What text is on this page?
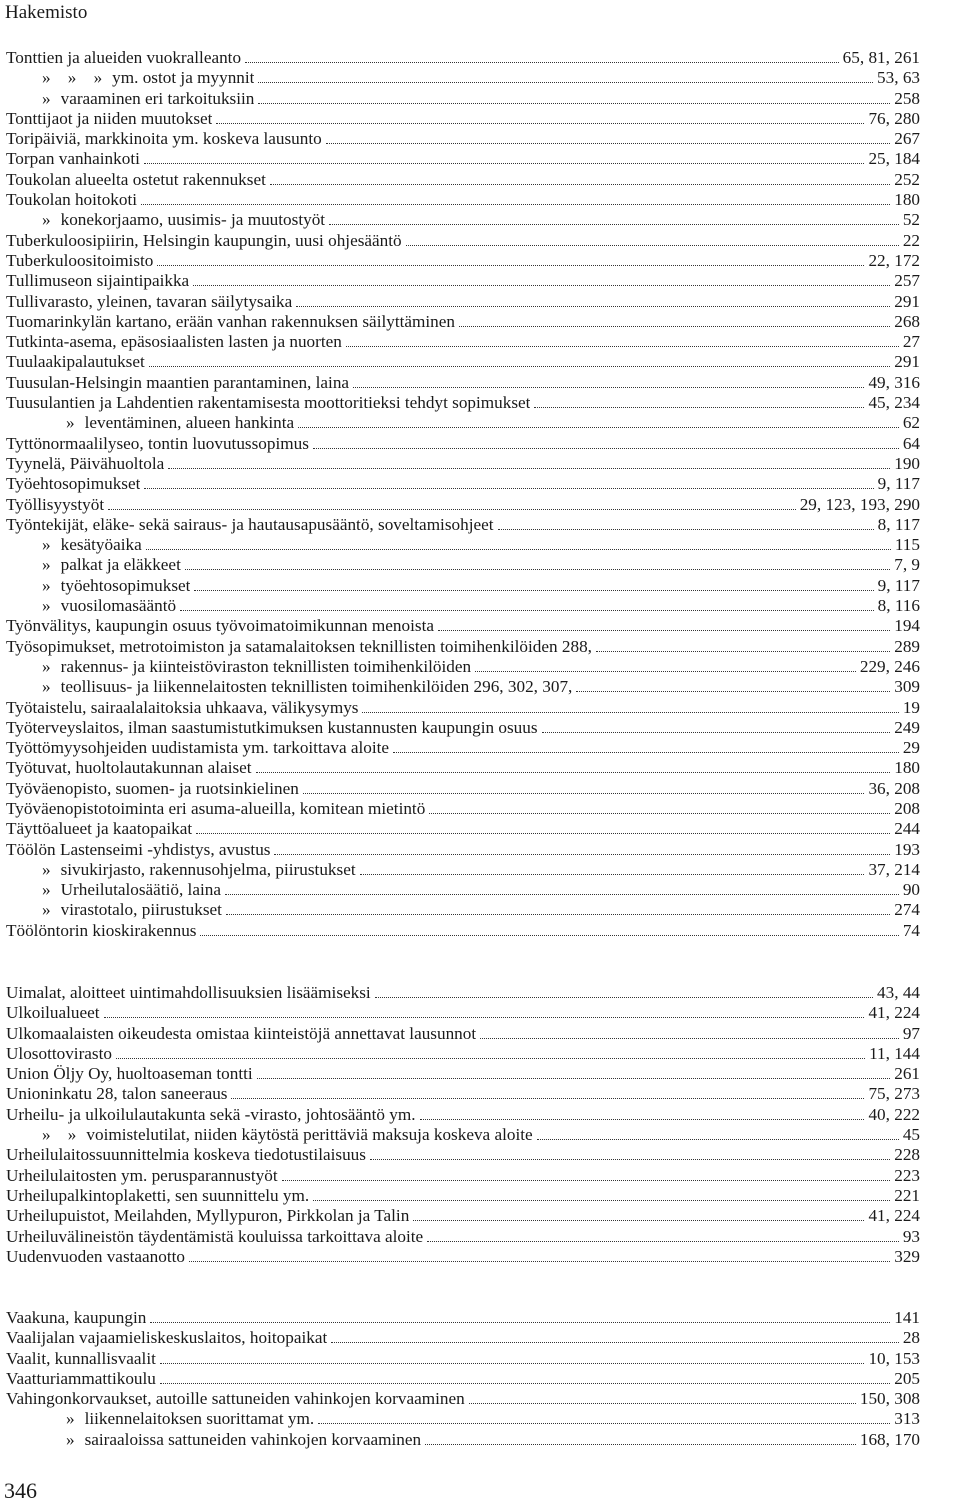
Hakemisto
Tonttien ja alueiden vuokralleanto	65, 81, 261
»    »    » ym. ostot ja myynnit	53, 63
» varaaminen eri tarkoituksiin	258
Tonttijaot ja niiden muutokset	76, 280
Toripäiviä, markkinoita ym. koskeva lausunto	267
Torpan vanhainkoti	25, 184
Toukolan alueelta ostetut rakennukset	252
Toukolan hoitokoti	180
» konekorjaamo, uusimis- ja muutostyöt	52
Tuberkuloosipiirin, Helsingin kaupungin, uusi ohjesääntö	22
Tuberkuloositoimisto	22, 172
Tullimuseon sijaintipaikka	257
Tullivarasto, yleinen, tavaran säilytysaika	291
Tuomarinkylän kartano, erään vanhan rakennuksen säilyttäminen	268
Tutkinta-asema, epäsosiaalisten lasten ja nuorten	27
Tuulaakipalautukset	291
Tuusulan-Helsingin maantien parantaminen, laina	49, 316
Tuusulantien ja Lahdentien rakentamisesta moottoritieksi tehdyt sopimukset	45, 234
» leventäminen, alueen hankinta	62
Tyttönormaalilyseo, tontin luovutussopimus	64
Tyynelä, Päivähuoltola	190
Työehtosopimukset	9, 117
Työllisyystyöt	29, 123, 193, 290
Työntekijät, eläke- sekä sairaus- ja hautausapusääntö, soveltamisohjeet	8, 117
» kesätyöaika	115
» palkat ja eläkkeet	7, 9
» työehtosopimukset	9, 117
» vuosilomasääntö	8, 116
Työnvälitys, kaupungin osuus työvoimatoimikunnan menoista	194
Työsopimukset, metrotoimiston ja satamalaitoksen teknillisten toimihenkilöiden 288,	289
» rakennus- ja kiinteistöviraston teknillisten toimihenkilöiden	229, 246
» teollisuus- ja liikennelaitosten teknillisten toimihenkilöiden 296, 302, 307,	309
Työtaistelu, sairaalalaitoksia uhkaava, välikysymys	19
Työterveyslaitos, ilman saastumistutkimuksen kustannusten kaupungin osuus	249
Työttömyysohjeiden uudistamista ym. tarkoittava aloite	29
Työtuvat, huoltolautakunnan alaiset	180
Työväenopisto, suomen- ja ruotsinkielinen	36, 208
Työväenopistotoiminta eri asuma-alueilla, komitean mietintö	208
Täyttöalueet ja kaatopaikat	244
Töölön Lastenseimi -yhdistys, avustus	193
» sivukirjasto, rakennusohjelma, piirustukset	37, 214
» Urheilutalosäätiö, laina	90
» virastotalo, piirustukset	274
Töölöntorin kioskirakennus	74
Uimalat, aloitteet uintimahdollisuuksien lisäämiseksi	43, 44
Ulkoilualueet	41, 224
Ulkomaalaisten oikeudesta omistaa kiinteistöjä annettavat lausunnot	97
Ulosottovirasto	11, 144
Union Öljy Oy, huoltoaseman tontti	261
Unioninkatu 28, talon saneeraus	75, 273
Urheilu- ja ulkoilulautakunta sekä -virasto, johtosääntö ym.	40, 222
»    » voimistelutilat, niiden käytöstä perittäviä maksuja koskeva aloite	45
Urheilulaitossuunnittelmia koskeva tiedotustilaisuus	228
Urheilulaitosten ym. perusparannustyöt	223
Urheilupalkintoplaketti, sen suunnittelu ym.	221
Urheilupuistot, Meilahden, Myllypuron, Pirkkolan ja Talin	41, 224
Urheiluvälineistön täydentämistä kouluissa tarkoittava aloite	93
Uudenvuoden vastaanotto	329
Vaakuna, kaupungin	141
Vaalijalan vajaamieliskeskuslaitos, hoitopaikat	28
Vaalit, kunnallisvaalit	10, 153
Vaatturiammattikoulu	205
Vahingonkorvaukset, autoille sattuneiden vahinkojen korvaaminen	150, 308
» liikennelaitoksen suorittamat ym.	313
» sairaaloissa sattuneiden vahinkojen korvaaminen	168, 170
346
